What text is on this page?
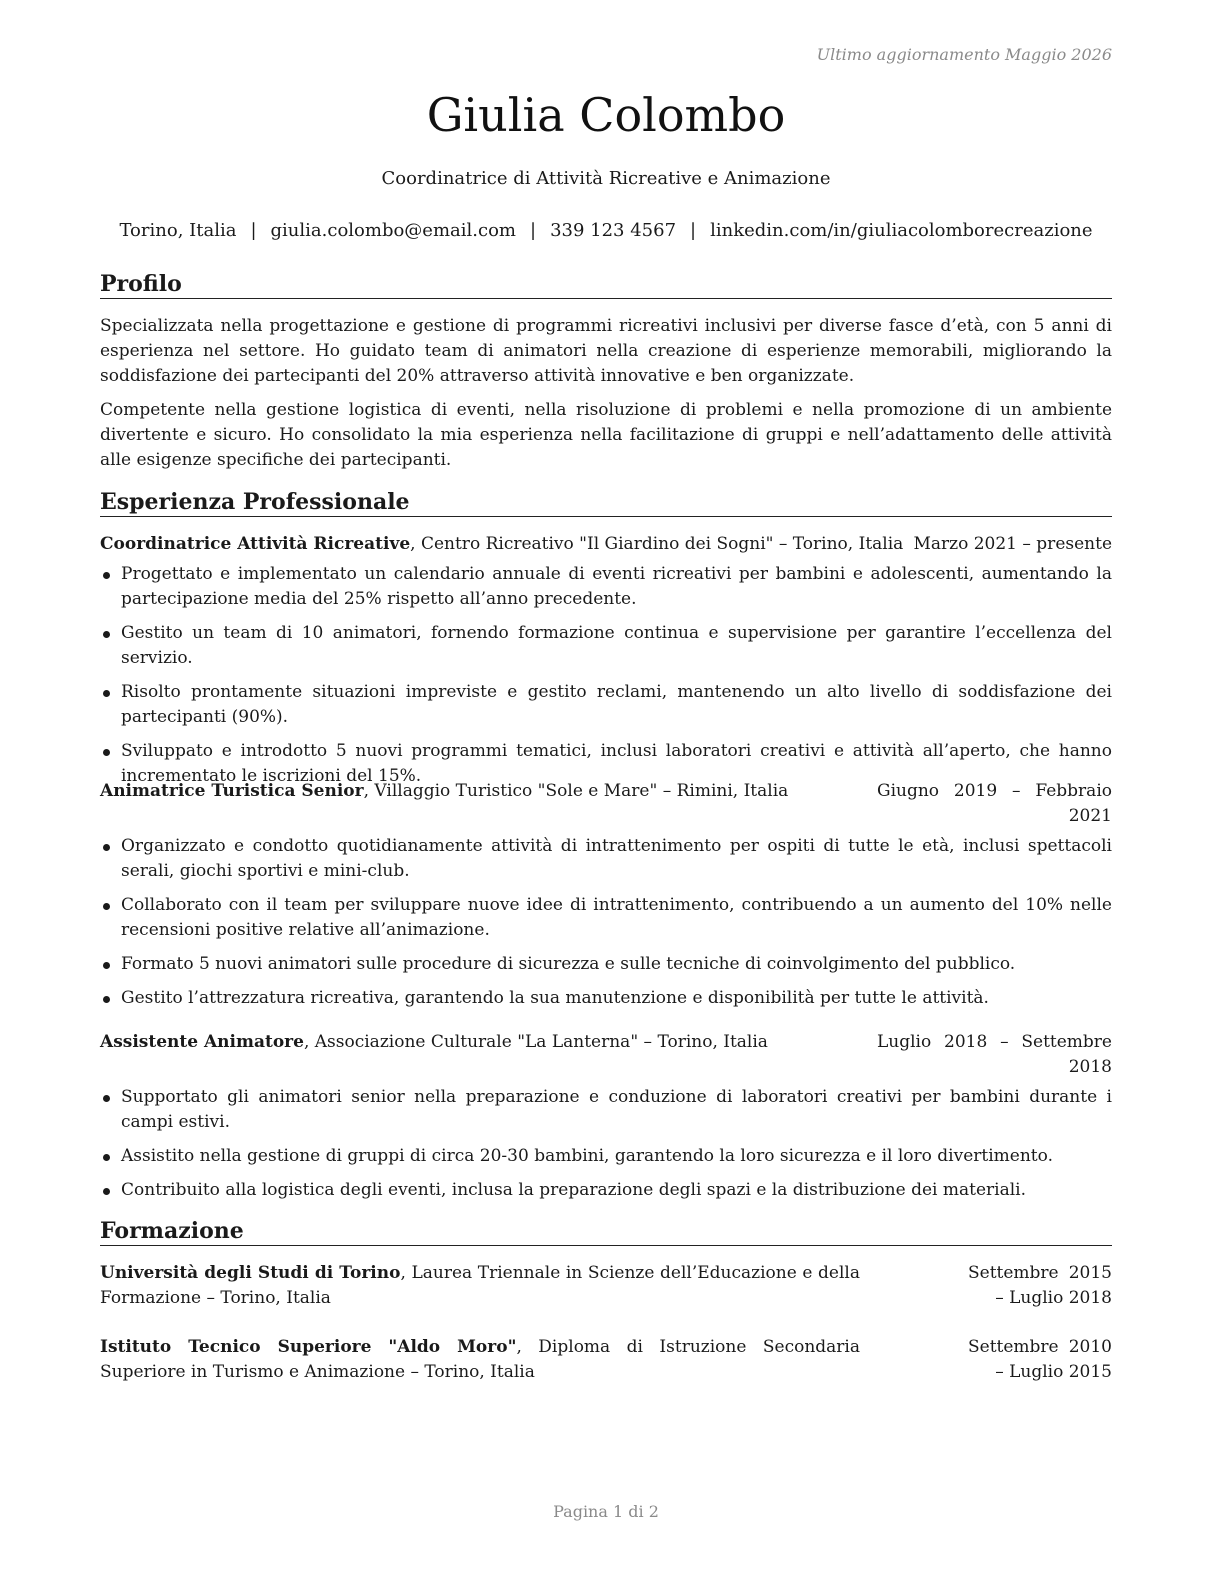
Ultimo aggiornamento Maggio 2026
Giulia Colombo
Coordinatrice di Attività Ricreative e Animazione
Torino, Italia | giulia.colombo@email.com | 339 123 4567 | linkedin.com/in/giuliacolomborecreazione
Profilo
Specializzata nella progettazione e gestione di programmi ricreativi inclusivi per diverse fasce d’età, con 5 anni di esperienza nel settore. Ho guidato team di animatori nella creazione di esperienze memorabili, migliorando la soddisfazione dei partecipanti del 20% attraverso attività innovative e ben organizzate.
Competente nella gestione logistica di eventi, nella risoluzione di problemi e nella promozione di un ambiente divertente e sicuro. Ho consolidato la mia esperienza nella facilitazione di gruppi e nell’adattamento delle attività alle esigenze specifiche dei partecipanti.
Esperienza Professionale
Coordinatrice Attività Ricreative, Centro Ricreativo "Il Giardino dei Sogni" – Torino, Italia Marzo 2021 – presente
Progettato e implementato un calendario annuale di eventi ricreativi per bambini e adolescenti, aumentando la partecipazione media del 25% rispetto all’anno precedente.
Gestito un team di 10 animatori, fornendo formazione continua e supervisione per garantire l’eccellenza del servizio.
Risolto prontamente situazioni impreviste e gestito reclami, mantenendo un alto livello di soddisfazione dei partecipanti (90%).
Sviluppato e introdotto 5 nuovi programmi tematici, inclusi laboratori creativi e attività all’aperto, che hanno incrementato le iscrizioni del 15%.
Animatrice Turistica Senior, Villaggio Turistico "Sole e Mare" – Rimini, Italia	Giugno 2019 – Febbraio 2021
Organizzato e condotto quotidianamente attività di intrattenimento per ospiti di tutte le età, inclusi spettacoli serali, giochi sportivi e mini-club.
Collaborato con il team per sviluppare nuove idee di intrattenimento, contribuendo a un aumento del 10% nelle recensioni positive relative all’animazione.
Formato 5 nuovi animatori sulle procedure di sicurezza e sulle tecniche di coinvolgimento del pubblico.
Gestito l’attrezzatura ricreativa, garantendo la sua manutenzione e disponibilità per tutte le attività.
Assistente Animatore, Associazione Culturale "La Lanterna" – Torino, Italia	Luglio 2018 – Settembre 2018
Supportato gli animatori senior nella preparazione e conduzione di laboratori creativi per bambini durante i campi estivi.
Assistito nella gestione di gruppi di circa 20-30 bambini, garantendo la loro sicurezza e il loro divertimento.
Contribuito alla logistica degli eventi, inclusa la preparazione degli spazi e la distribuzione dei materiali.
Formazione
Università degli Studi di Torino, Laurea Triennale in Scienze dell’Educazione e della Formazione – Torino, Italia
Settembre 2015 – Luglio 2018
Istituto Tecnico Superiore "Aldo Moro", Diploma di Istruzione Secondaria Superiore in Turismo e Animazione – Torino, Italia
Settembre 2010 – Luglio 2015
Pagina 1 di 2
